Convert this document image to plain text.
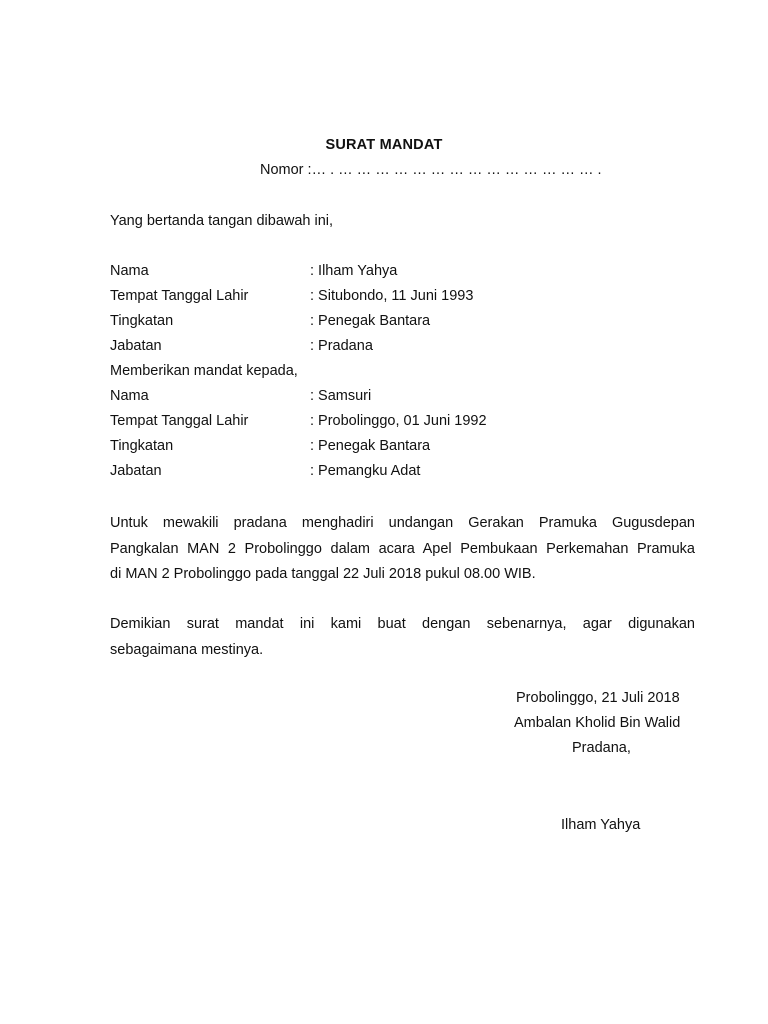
SURAT MANDAT
Nomor :… . … … … … … … … … … … … … … … .
Yang bertanda tangan dibawah ini,
Nama	: Ilham Yahya
Tempat Tanggal Lahir	: Situbondo, 11 Juni 1993
Tingkatan	: Penegak Bantara
Jabatan	: Pradana
Memberikan mandat kepada,
Nama	: Samsuri
Tempat Tanggal Lahir	: Probolinggo, 01 Juni 1992
Tingkatan	: Penegak Bantara
Jabatan	: Pemangku Adat
Untuk mewakili pradana menghadiri undangan Gerakan Pramuka Gugusdepan
Pangkalan MAN 2 Probolinggo dalam acara Apel Pembukaan Perkemahan Pramuka
di MAN 2 Probolinggo pada tanggal 22 Juli 2018 pukul 08.00 WIB.
Demikian surat mandat ini kami buat dengan sebenarnya, agar digunakan
sebagaimana mestinya.
Probolinggo, 21 Juli 2018
Ambalan Kholid Bin Walid
Pradana,
Ilham Yahya
